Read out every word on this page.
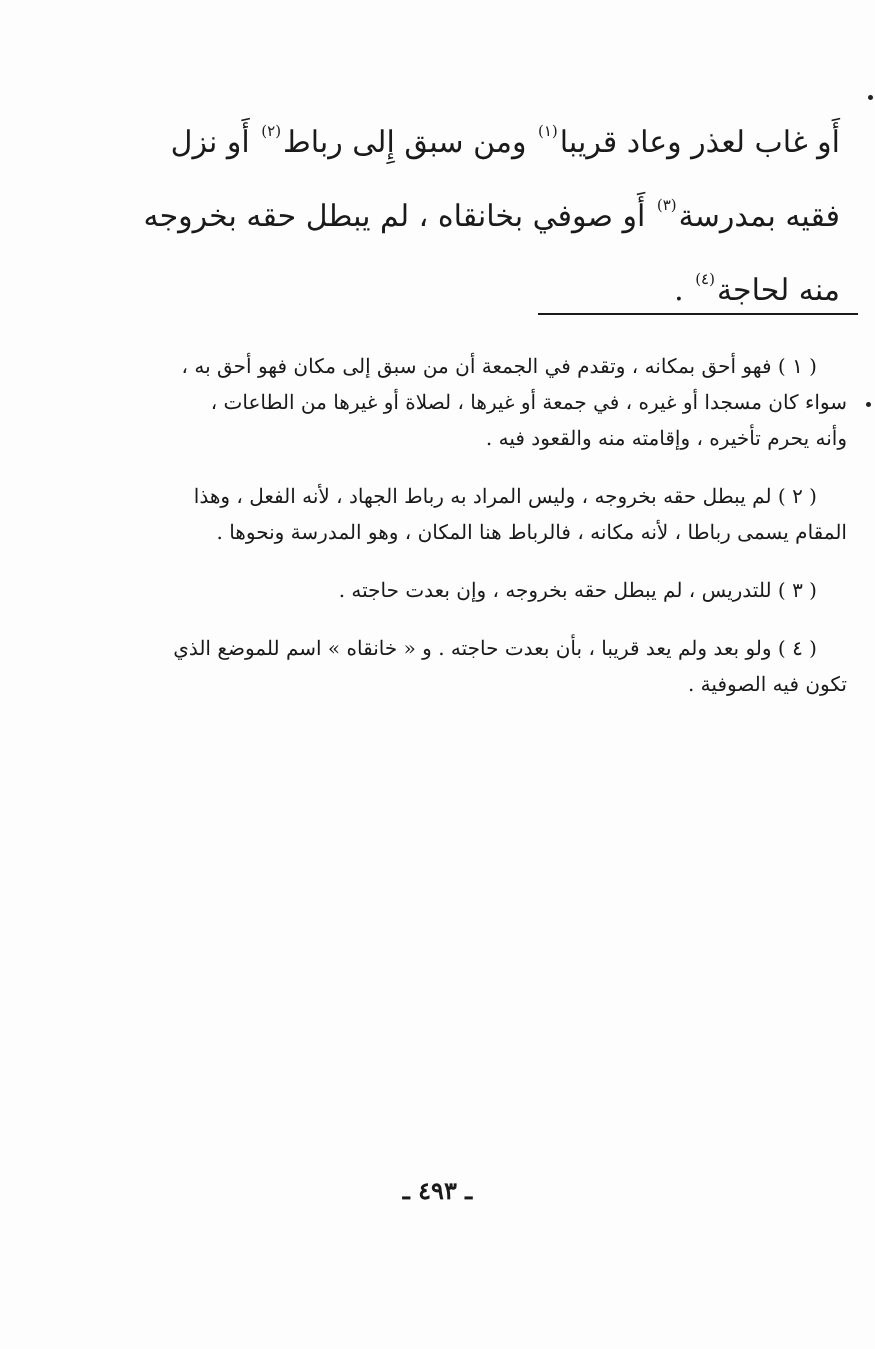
أَو غاب لعذر وعاد قريبا$^{(١)}$ ومن سبق إِلى رباط$^{(٢)}$ أَو نزل
فقيه بمدرسة$^{(٣)}$ أَو صوفي بخانقاه ، لم يبطل حقه بخروجه
منه لحاجة$^{(٤)}$ .
( ١ ) فهو أحق بمكانه ، وتقدم في الجمعة أن من سبق إلى مكان فهو أحق به ،
سواء كان مسجدا أو غيره ، في جمعة أو غيرها ، لصلاة أو غيرها من الطاعات ،
وأنه يحرم تأخيره ، وإقامته منه والقعود فيه .
( ٢ ) لم يبطل حقه بخروجه ، وليس المراد به رباط الجهاد ، لأنه الفعل ، وهذا
المقام يسمى رباطا ، لأنه مكانه ، فالرباط هنا المكان ، وهو المدرسة ونحوها .
( ٣ ) للتدريس ، لم يبطل حقه بخروجه ، وإن بعدت حاجته .
( ٤ ) ولو بعد ولم يعد قريبا ، بأن بعدت حاجته . و « خانقاه » اسم للموضع الذي
تكون فيه الصوفية .
ـ ٤٩٣ ـ
